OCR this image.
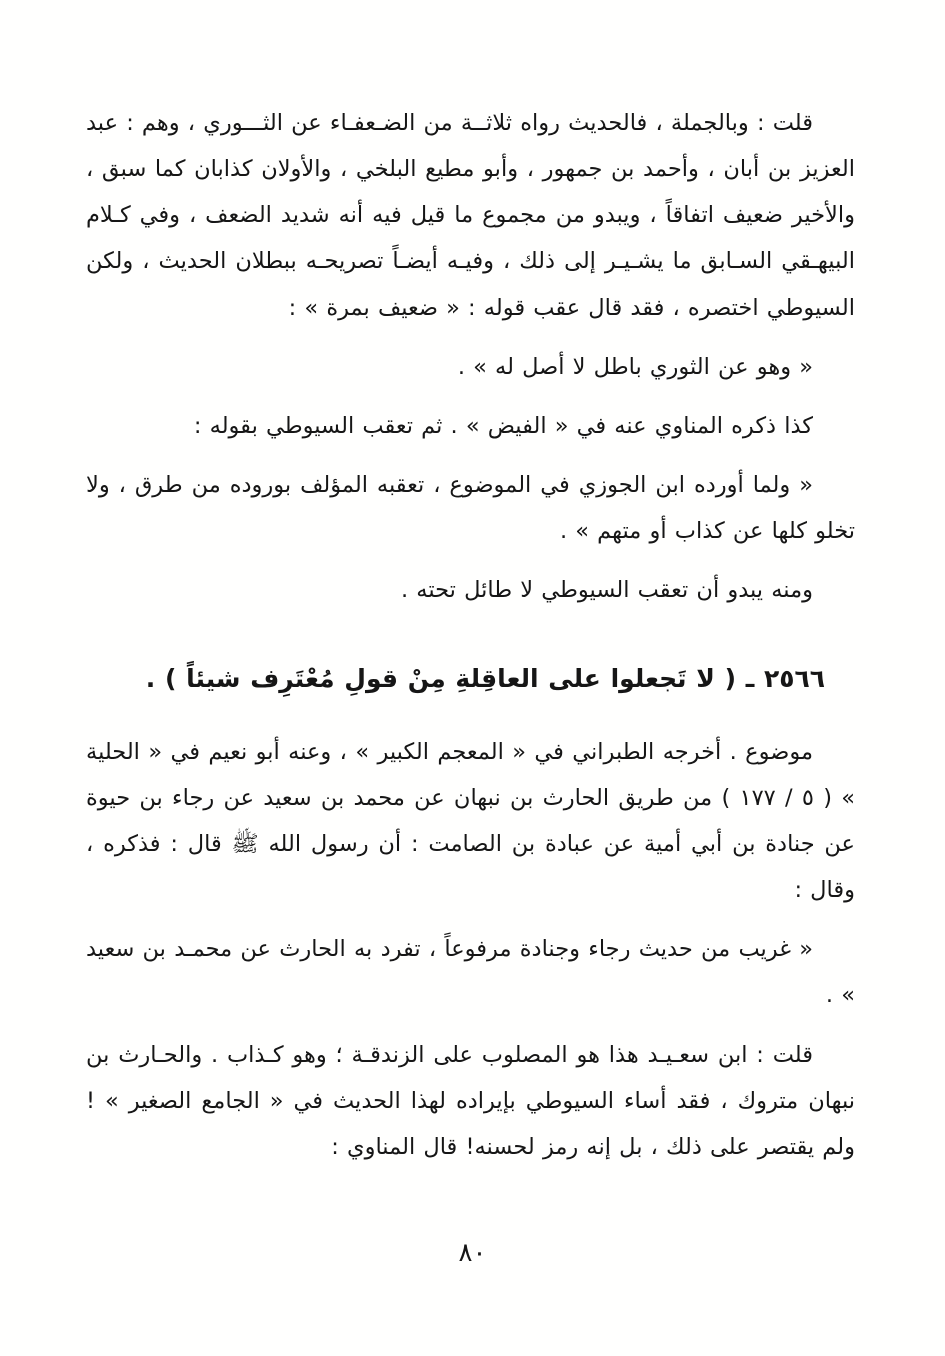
قلت : وبالجملة ، فالحديث رواه ثلاثــة من الضـعفـاء عن الثـــوري ، وهم : عبد العزيز بن أبان ، وأحمد بن جمهور ، وأبو مطيع البلخي ، والأولان كذابان كما سبق ، والأخير ضعيف اتفاقاً ، ويبدو من مجموع ما قيل فيه أنه شديد الضعف ، وفي كـلام البيهـقي السـابق ما يشـيـر إلى ذلك ، وفيـه أيضـاً تصريحـه ببطلان الحديث ، ولكن السيوطي اختصره ، فقد قال عقب قوله : « ضعيف بمرة » :

« وهو عن الثوري باطل لا أصل له » .

كذا ذكره المناوي عنه في « الفيض » . ثم تعقب السيوطي بقوله :

« ولما أورده ابن الجوزي في الموضوع ، تعقبه المؤلف بوروده من طرق ، ولا تخلو كلها عن كذاب أو متهم » .

ومنه يبدو أن تعقب السيوطي لا طائل تحته .

٢٥٦٦ ـ ( لا تَجعلوا على العاقِلةِ مِنْ قولِ مُعْتَرِف شيئاً ) .

موضوع . أخرجه الطبراني في « المعجم الكبير » ، وعنه أبو نعيم في « الحلية » ( ٥ / ١٧٧ ) من طريق الحارث بن نبهان عن محمد بن سعيد عن رجاء بن حيوة عن جنادة بن أبي أمية عن عبادة بن الصامت : أن رسول الله ﷺ قال : فذكره ، وقال :

« غريب من حديث رجاء وجنادة مرفوعاً ، تفرد به الحارث عن محمـد بن سعيد » .

قلت : ابن سعـيـد هذا هو المصلوب على الزندقـة ؛ وهو كـذاب . والحـارث بن نبهان متروك ، فقد أساء السيوطي بإيراده لهذا الحديث في « الجامع الصغير » ! ولم يقتصر على ذلك ، بل إنه رمز لحسنه! قال المناوي :

٨٠
